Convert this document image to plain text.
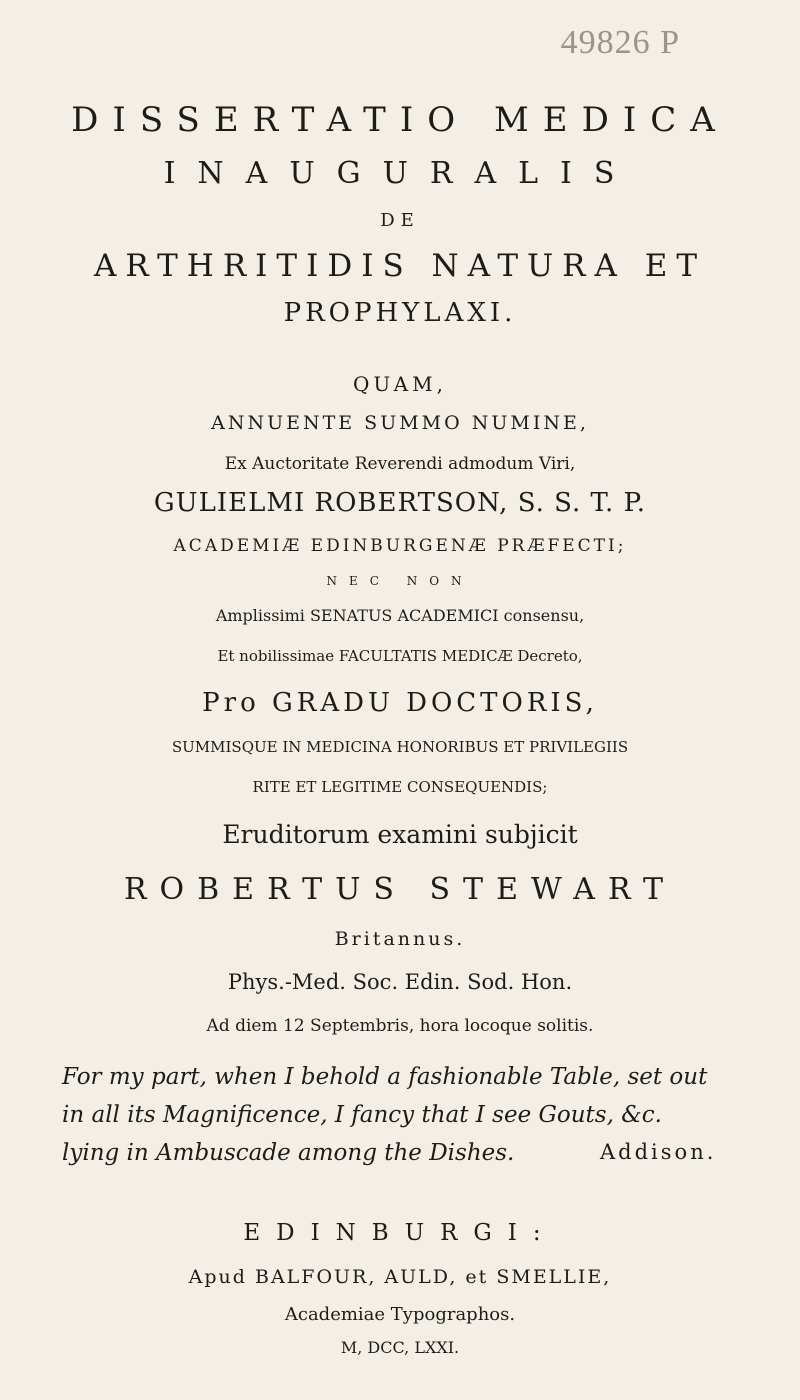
49826 P
DISSERTATIO MEDICA
INAUGURALIS
DE
ARTHRITIDIS NATURA ET
PROPHYLAXI.
QUAM,
ANNUENTE SUMMO NUMINE,
Ex Auctoritate Reverendi admodum Viri,
GULIELMI ROBERTSON, S. S. T. P.
ACADEMIÆ EDINBURGENÆ PRÆFECTI;
NEC NON
Amplissimi SENATUS ACADEMICI consensu,
Et nobilissimae FACULTATIS MEDICÆ Decreto,
Pro GRADU DOCTORIS,
SUMMISQUE IN MEDICINA HONORIBUS ET PRIVILEGIIS
RITE ET LEGITIME CONSEQUENDIS;
Eruditorum examini subjicit
ROBERTUS STEWART
Britannus.
Phys.-Med. Soc. Edin. Sod. Hon.
Ad diem 12 Septembris, hora locoque solitis.
For my part, when I behold a fashionable Table, set out
in all its Magnificence, I fancy that I see Gouts, &c.
lying in Ambuscade among the Dishes.	Addison.
EDINBURGI:
Apud BALFOUR, AULD, et SMELLIE,
Academiae Typographos.
M, DCC, LXXI.
